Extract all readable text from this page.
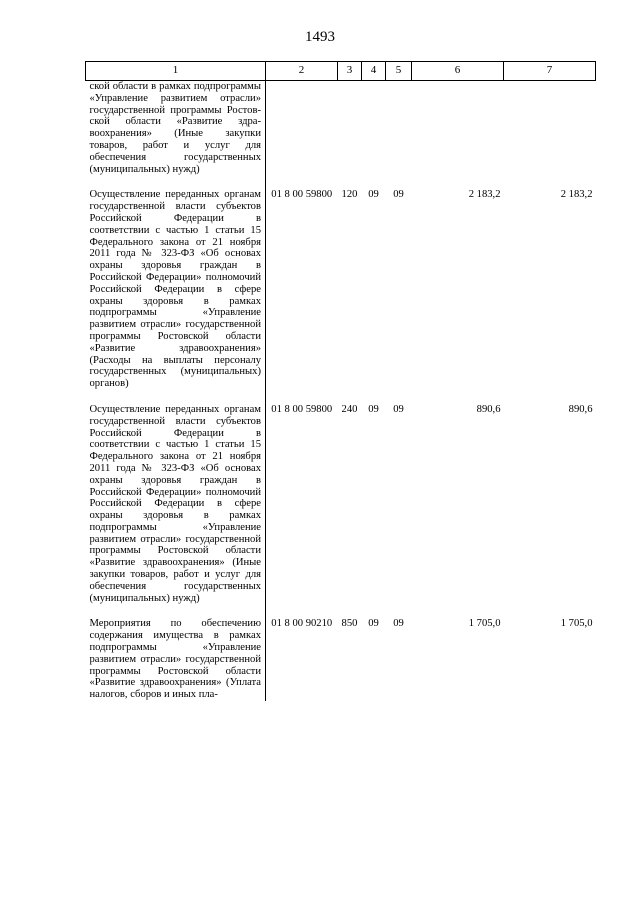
1493
1	2	3	4	5	6	7
ской области в рамках подпрограммы «Управление развитием отрасли» государственной программы Ростовской области «Развитие здравоохранения» (Иные закупки товаров, работ и услуг для обеспечения государственных (муниципальных) нужд)						

Осуществление переданных органам государственной власти субъектов Российской Федерации в соответствии с частью 1 статьи 15 Федерального закона от 21 ноября 2011 года № 323-ФЗ «Об основах охраны здоровья граждан в Российской Федерации» полномочий Российской Федерации в сфере охраны здоровья в рамках подпрограммы «Управление развитием отрасли» государственной программы Ростовской области «Развитие здравоохранения» (Расходы на выплаты персоналу государственных (муниципальных) органов)	01 8 00 59800	120	09	09	2 183,2	2 183,2

Осуществление переданных органам государственной власти субъектов Российской Федерации в соответствии с частью 1 статьи 15 Федерального закона от 21 ноября 2011 года № 323-ФЗ «Об основах охраны здоровья граждан в Российской Федерации» полномочий Российской Федерации в сфере охраны здоровья в рамках подпрограммы «Управление развитием отрасли» государственной программы Ростовской области «Развитие здравоохранения» (Иные закупки товаров, работ и услуг для обеспечения государственных (муниципальных) нужд)	01 8 00 59800	240	09	09	890,6	890,6

Мероприятия по обеспечению содержания имущества в рамках подпрограммы «Управление развитием отрасли» государственной программы Ростовской области «Развитие здравоохранения» (Уплата налогов, сборов и иных пла-	01 8 00 90210	850	09	09	1 705,0	1 705,0
